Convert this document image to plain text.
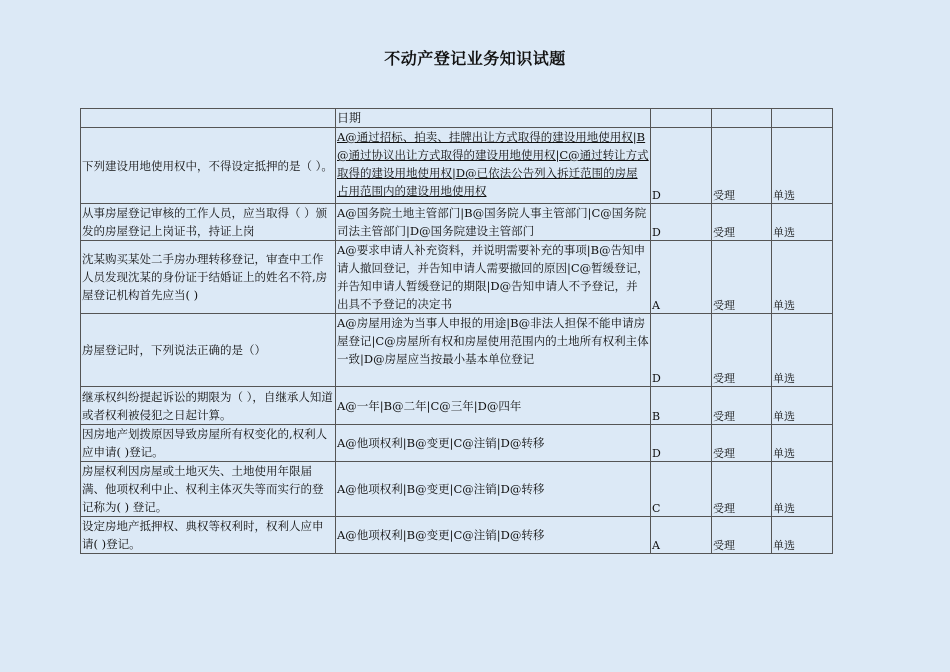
不动产登记业务知识试题
	日期			
下列建设用地使用权中，不得设定抵押的是（ ）。	A@通过招标、拍卖、挂牌出让方式取得的建设用地使用权|B@通过协议出让方式取得的建设用地使用权|C@通过转让方式取得的建设用地使用权|D@已依法公告列入拆迁范围的房屋占用范围内的建设用地使用权	D	受理	单选
从事房屋登记审核的工作人员，应当取得（ ）颁发的房屋登记上岗证书，持证上岗	A@国务院土地主管部门|B@国务院人事主管部门|C@国务院司法主管部门|D@国务院建设主管部门	D	受理	单选
沈某购买某处二手房办理转移登记，审查中工作人员发现沈某的身份证于结婚证上的姓名不符,房屋登记机构首先应当( )	A@要求申请人补充资料，并说明需要补充的事项|B@告知申请人撤回登记，并告知申请人需要撤回的原因|C@暂缓登记，并告知申请人暂缓登记的期限|D@告知申请人不予登记，并出具不予登记的决定书	A	受理	单选
房屋登记时，下列说法正确的是（）	A@房屋用途为当事人申报的用途|B@非法人担保不能申请房屋登记|C@房屋所有权和房屋使用范围内的土地所有权利主体一致|D@房屋应当按最小基本单位登记	D	受理	单选
继承权纠纷提起诉讼的期限为（ ），自继承人知道或者权利被侵犯之日起计算。	A@一年|B@二年|C@三年|D@四年	B	受理	单选
因房地产划拨原因导致房屋所有权变化的,权利人应申请( )登记。	A@他项权利|B@变更|C@注销|D@转移	D	受理	单选
房屋权利因房屋或土地灭失、土地使用年限届满、他项权利中止、权利主体灭失等而实行的登记称为( ) 登记。	A@他项权利|B@变更|C@注销|D@转移	C	受理	单选
设定房地产抵押权、典权等权利时，权利人应申请( )登记。	A@他项权利|B@变更|C@注销|D@转移	A	受理	单选
